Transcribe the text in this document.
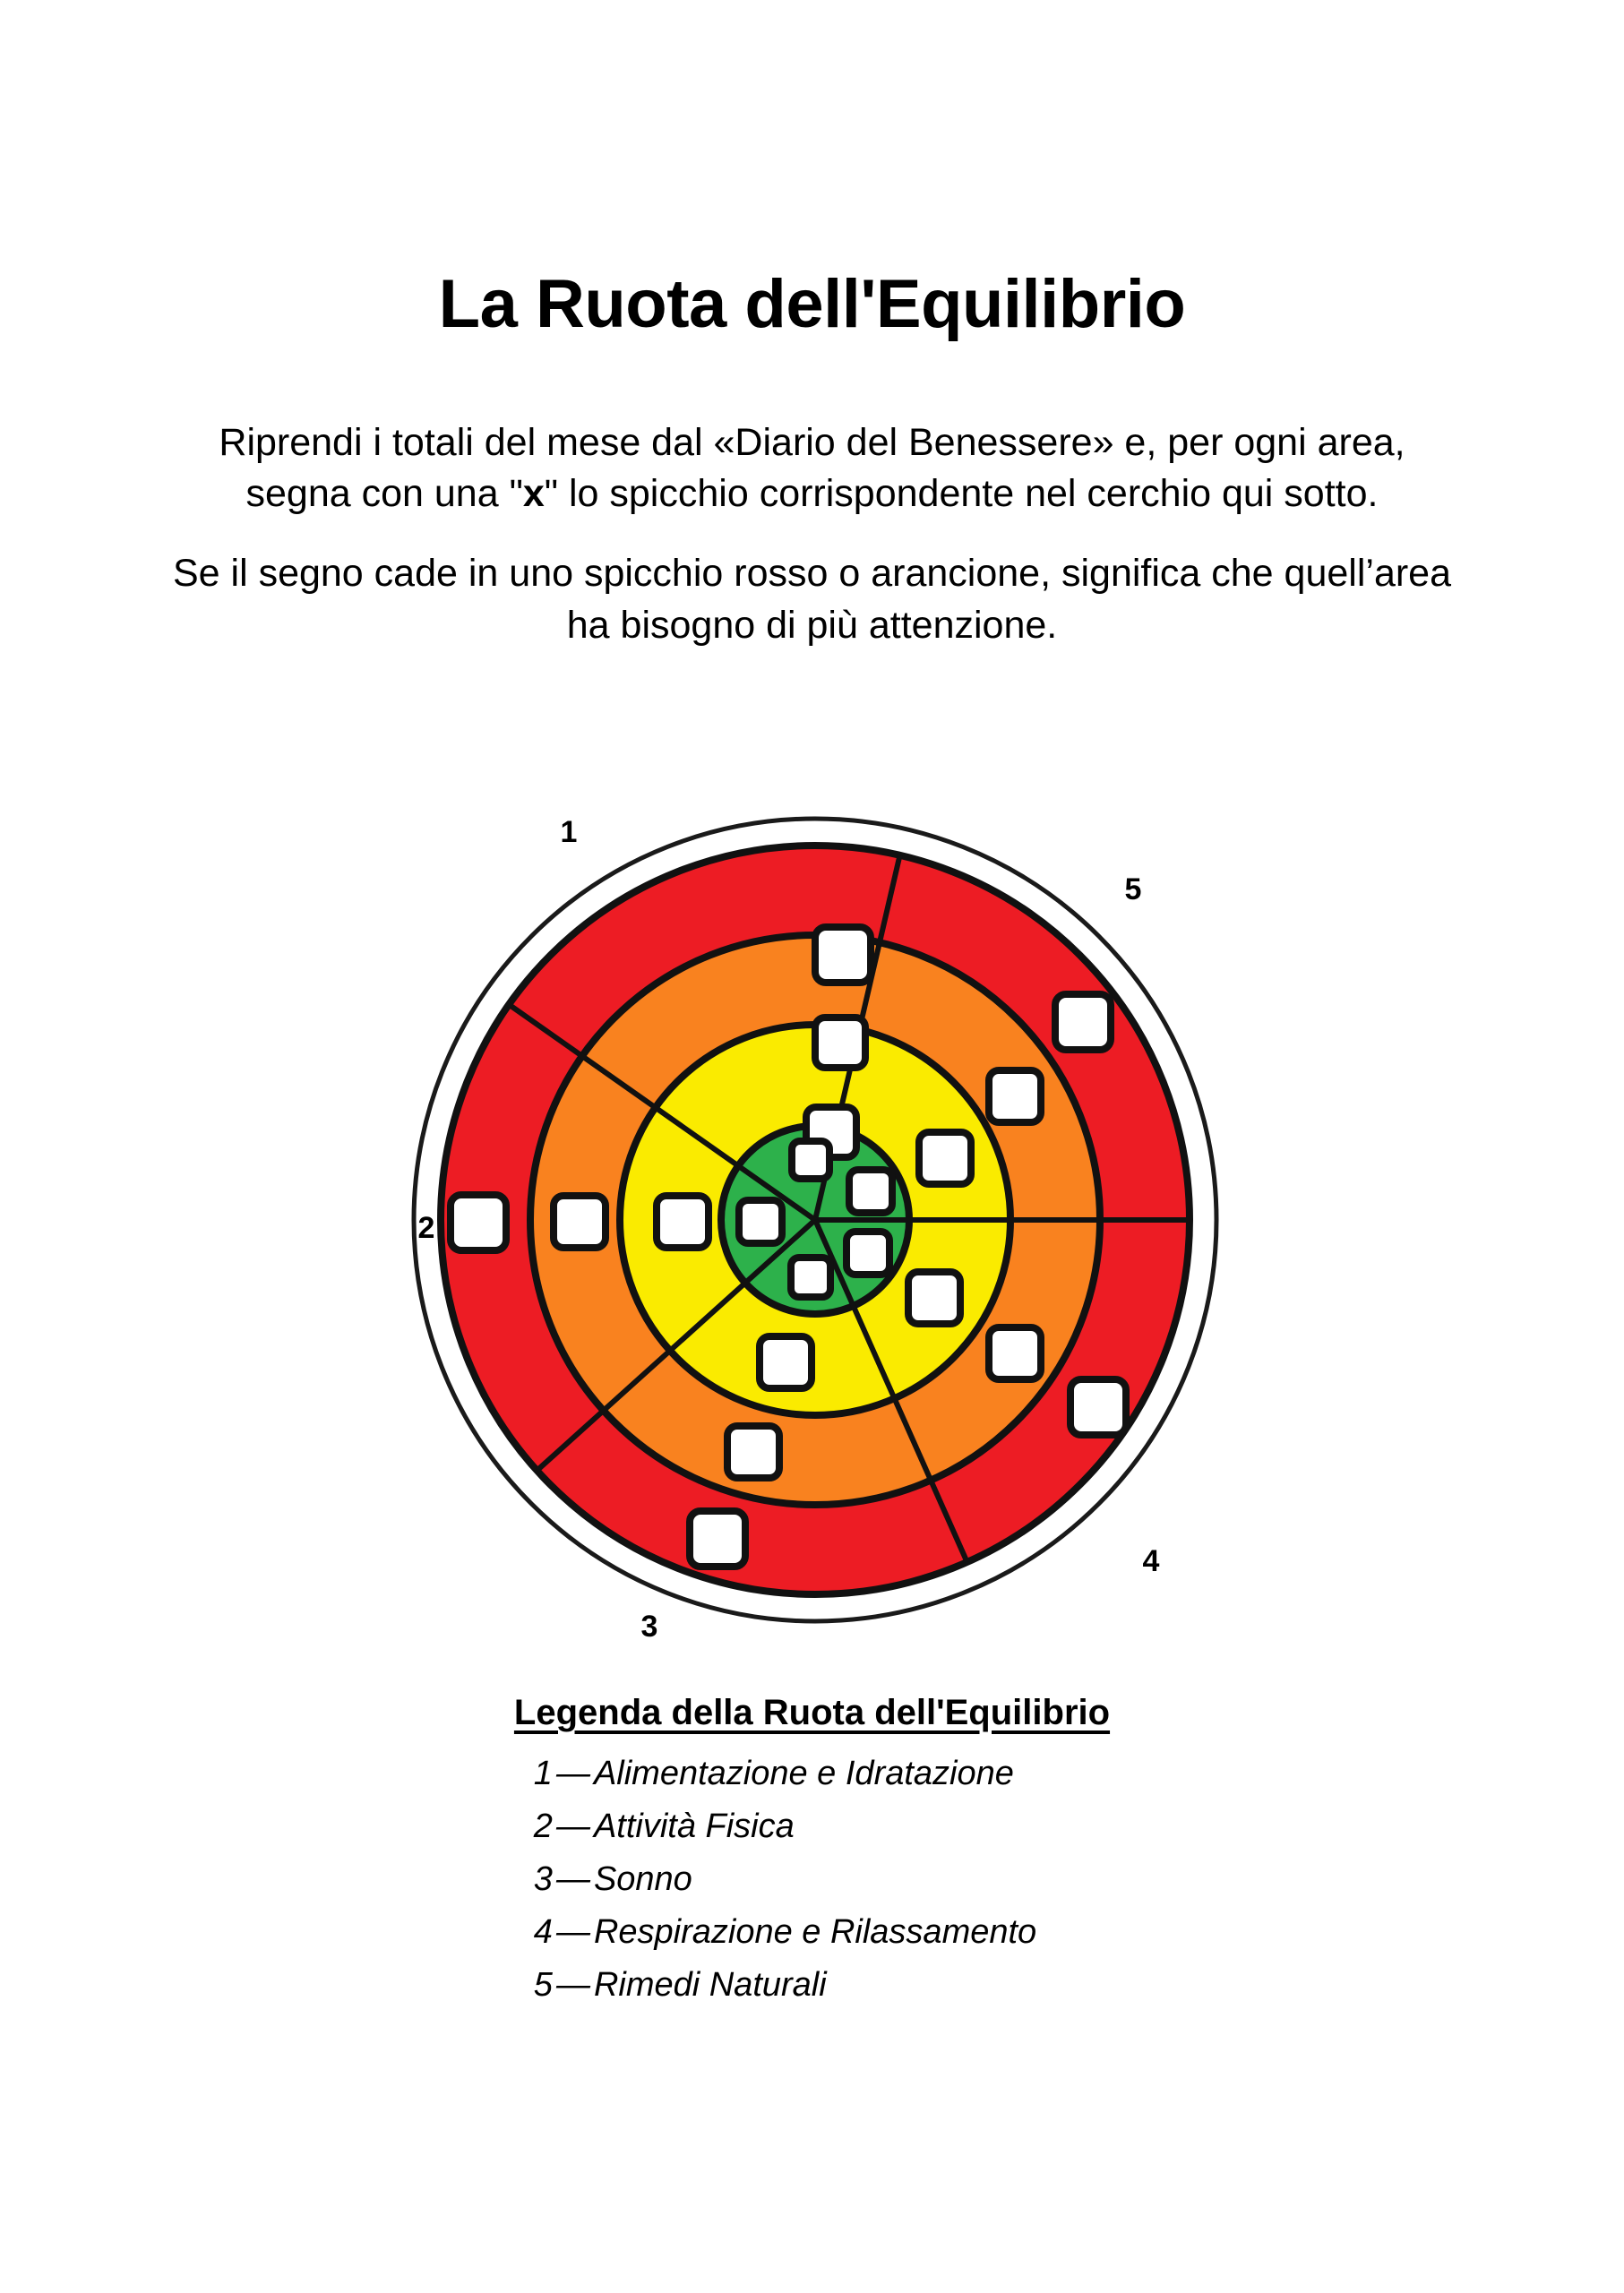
La Ruota dell'Equilibrio

Riprendi i totali del mese dal «Diario del Benessere» e, per ogni area, segna con una "x" lo spicchio corrispondente nel cerchio qui sotto.

Se il segno cade in uno spicchio rosso o arancione, significa che quell’area ha bisogno di più attenzione.

1
2
3
4
5
Legenda della Ruota dell'Equilibrio
1 — Alimentazione e Idratazione
2 — Attività Fisica
3 — Sonno
4 — Respirazione e Rilassamento
5 — Rimedi Naturali
